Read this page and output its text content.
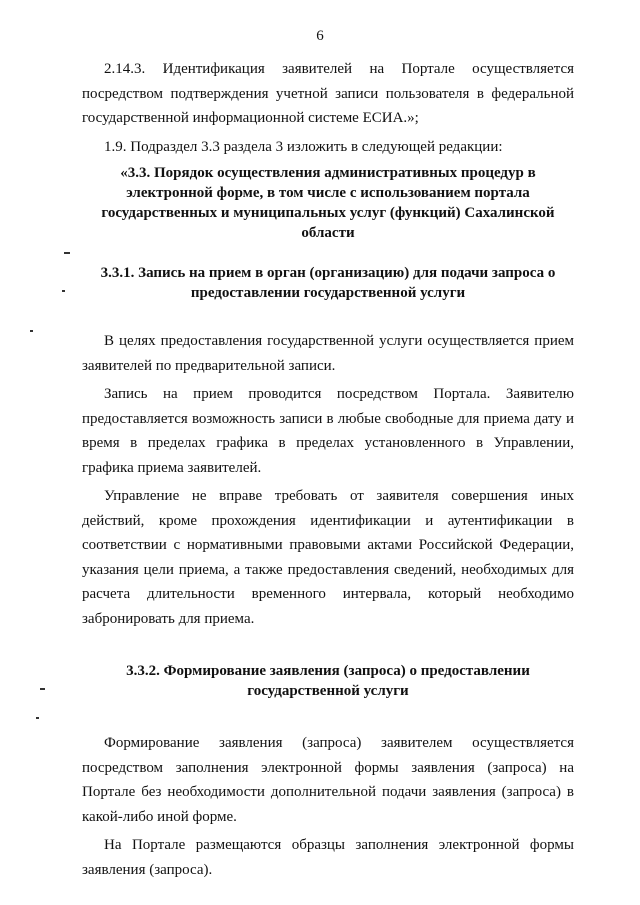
6

2.14.3. Идентификация заявителей на Портале осуществляется посредством подтверждения учетной записи пользователя в федеральной государственной информационной системе ЕСИА.»;

1.9. Подраздел 3.3 раздела 3 изложить в следующей редакции:

«3.3. Порядок осуществления административных процедур в электронной форме, в том числе с использованием портала государственных и муниципальных услуг (функций) Сахалинской области

3.3.1. Запись на прием в орган (организацию) для подачи запроса о предоставлении государственной услуги

В целях предоставления государственной услуги осуществляется прием заявителей по предварительной записи.

Запись на прием проводится посредством Портала. Заявителю предоставляется возможность записи в любые свободные для приема дату и время в пределах графика в пределах установленного в Управлении, графика приема заявителей.

Управление не вправе требовать от заявителя совершения иных действий, кроме прохождения идентификации и аутентификации в соответствии с нормативными правовыми актами Российской Федерации, указания цели приема, а также предоставления сведений, необходимых для расчета длительности временного интервала, который необходимо забронировать для приема.

3.3.2. Формирование заявления (запроса) о предоставлении государственной услуги

Формирование заявления (запроса) заявителем осуществляется посредством заполнения электронной формы заявления (запроса) на Портале без необходимости дополнительной подачи заявления (запроса) в какой-либо иной форме.

На Портале размещаются образцы заполнения электронной формы заявления (запроса).
